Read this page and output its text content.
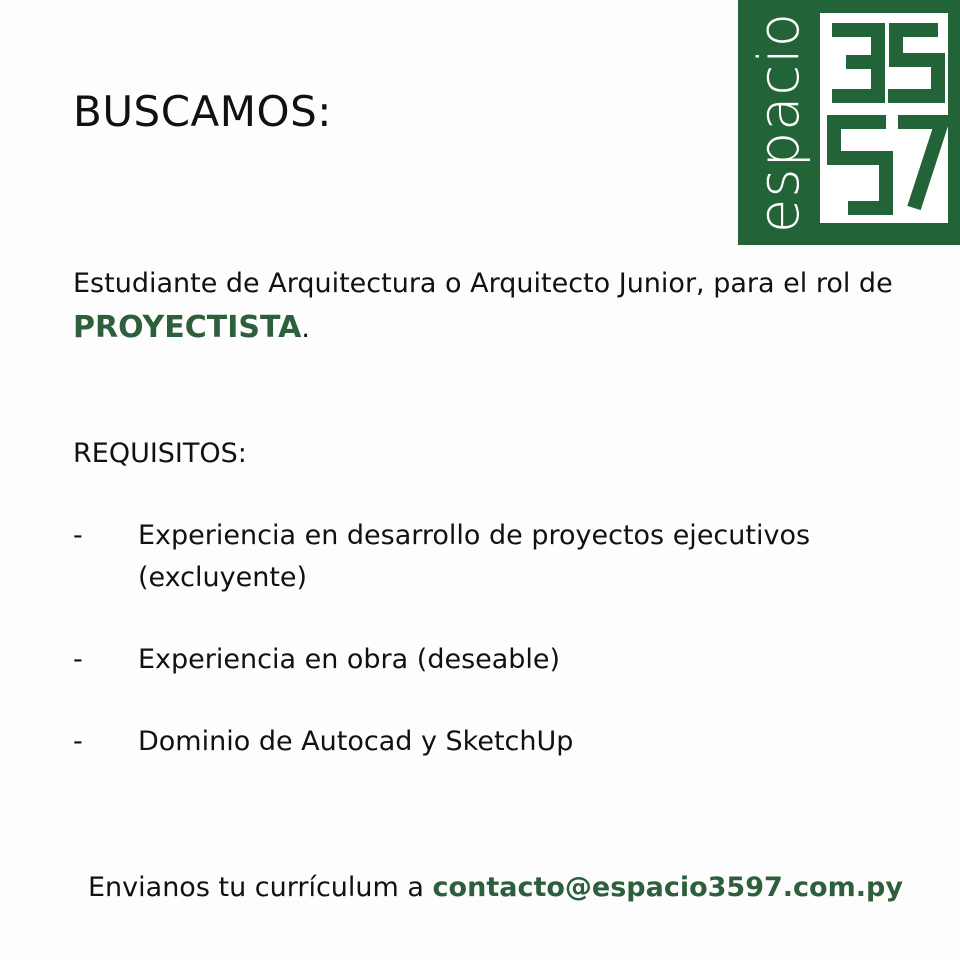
BUSCAMOS:	espacio

Estudiante de Arquitectura o Arquitecto Junior, para el rol de
PROYECTISTA.

REQUISITOS:

- Experiencia en desarrollo de proyectos ejecutivos (excluyente)
- Experiencia en obra (deseable)
- Dominio de Autocad y SketchUp

Envianos tu currículum a contacto@espacio3597.com.py
